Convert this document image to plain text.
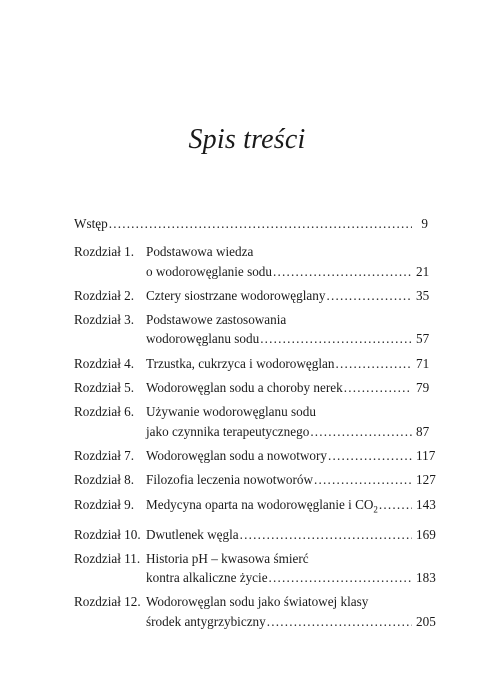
Spis treści
Wstęp .....	9
Rozdział 1. Podstawowa wiedza
o wodorowęglanie sodu .....	21
Rozdział 2. Cztery siostrzane wodorowęglany .....	35
Rozdział 3. Podstawowe zastosowania
wodorowęglanu sodu .....	57
Rozdział 4. Trzustka, cukrzyca i wodorowęglan .....	71
Rozdział 5. Wodorowęglan sodu a choroby nerek .....	79
Rozdział 6. Używanie wodorowęglanu sodu
jako czynnika terapeutycznego .....	87
Rozdział 7. Wodorowęglan sodu a nowotwory .....	117
Rozdział 8. Filozofia leczenia nowotworów .....	127
Rozdział 9. Medycyna oparta na wodorowęglanie i $CO_2$ .....	143
Rozdział 10. Dwutlenek węgla .....	169
Rozdział 11. Historia pH – kwasowa śmierć
kontra alkaliczne życie .....	183
Rozdział 12. Wodorowęglan sodu jako światowej klasy
środek antygrzybiczny .....	205
